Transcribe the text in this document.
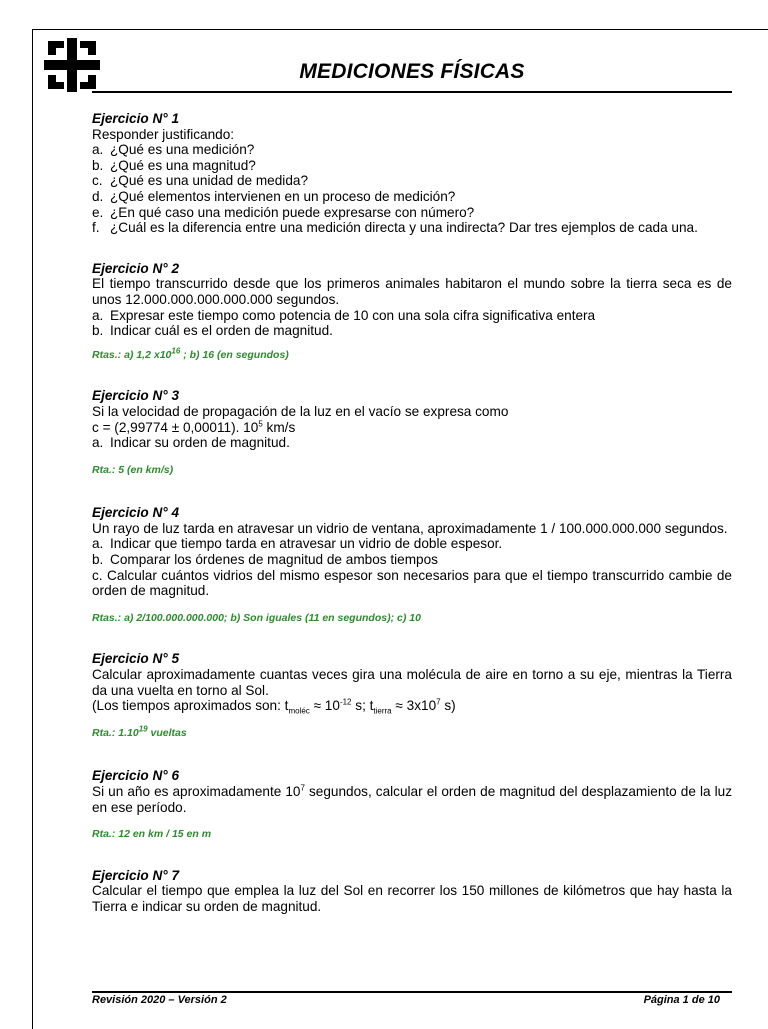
MEDICIONES FÍSICAS
Ejercicio N° 1
Responder justificando:
a. ¿Qué es una medición?
b. ¿Qué es una magnitud?
c. ¿Qué es una unidad de medida?
d. ¿Qué elementos intervienen en un proceso de medición?
e. ¿En qué caso una medición puede expresarse con número?
f. ¿Cuál es la diferencia entre una medición directa y una indirecta? Dar tres ejemplos de cada una.
Ejercicio N° 2
El tiempo transcurrido desde que los primeros animales habitaron el mundo sobre la tierra seca es de unos 12.000.000.000.000.000 segundos.
a. Expresar este tiempo como potencia de 10 con una sola cifra significativa entera
b. Indicar cuál es el orden de magnitud.
Rtas.: a) 1,2 $x10^{16}$ ; b) 16 (en segundos)
Ejercicio N° 3
Si la velocidad de propagación de la luz en el vacío se expresa como
c = (2,99774 ± 0,00011). $10^5$ km/s
a. Indicar su orden de magnitud.
Rta.: 5 (en km/s)
Ejercicio N° 4
Un rayo de luz tarda en atravesar un vidrio de ventana, aproximadamente 1 / 100.000.000.000 segundos.
a. Indicar que tiempo tarda en atravesar un vidrio de doble espesor.
b. Comparar los órdenes de magnitud de ambos tiempos
c. Calcular cuántos vidrios del mismo espesor son necesarios para que el tiempo transcurrido cambie de orden de magnitud.
Rtas.: a) 2/100.000.000.000; b) Son iguales (11 en segundos); c) 10
Ejercicio N° 5
Calcular aproximadamente cuantas veces gira una molécula de aire en torno a su eje, mientras la Tierra da una vuelta en torno al Sol.
(Los tiempos aproximados son: $t_{moléc} \approx 10^{-12}$ s; $t_{tierra} \approx 3x10^7$ s)
Rta.: 1.10$^{19}$ vueltas
Ejercicio N° 6
Si un año es aproximadamente $10^7$ segundos, calcular el orden de magnitud del desplazamiento de la luz en ese período.
Rta.: 12 en km / 15 en m
Ejercicio N° 7
Calcular el tiempo que emplea la luz del Sol en recorrer los 150 millones de kilómetros que hay hasta la Tierra e indicar su orden de magnitud.
Revisión 2020 – Versión 2	Página 1 de 10
